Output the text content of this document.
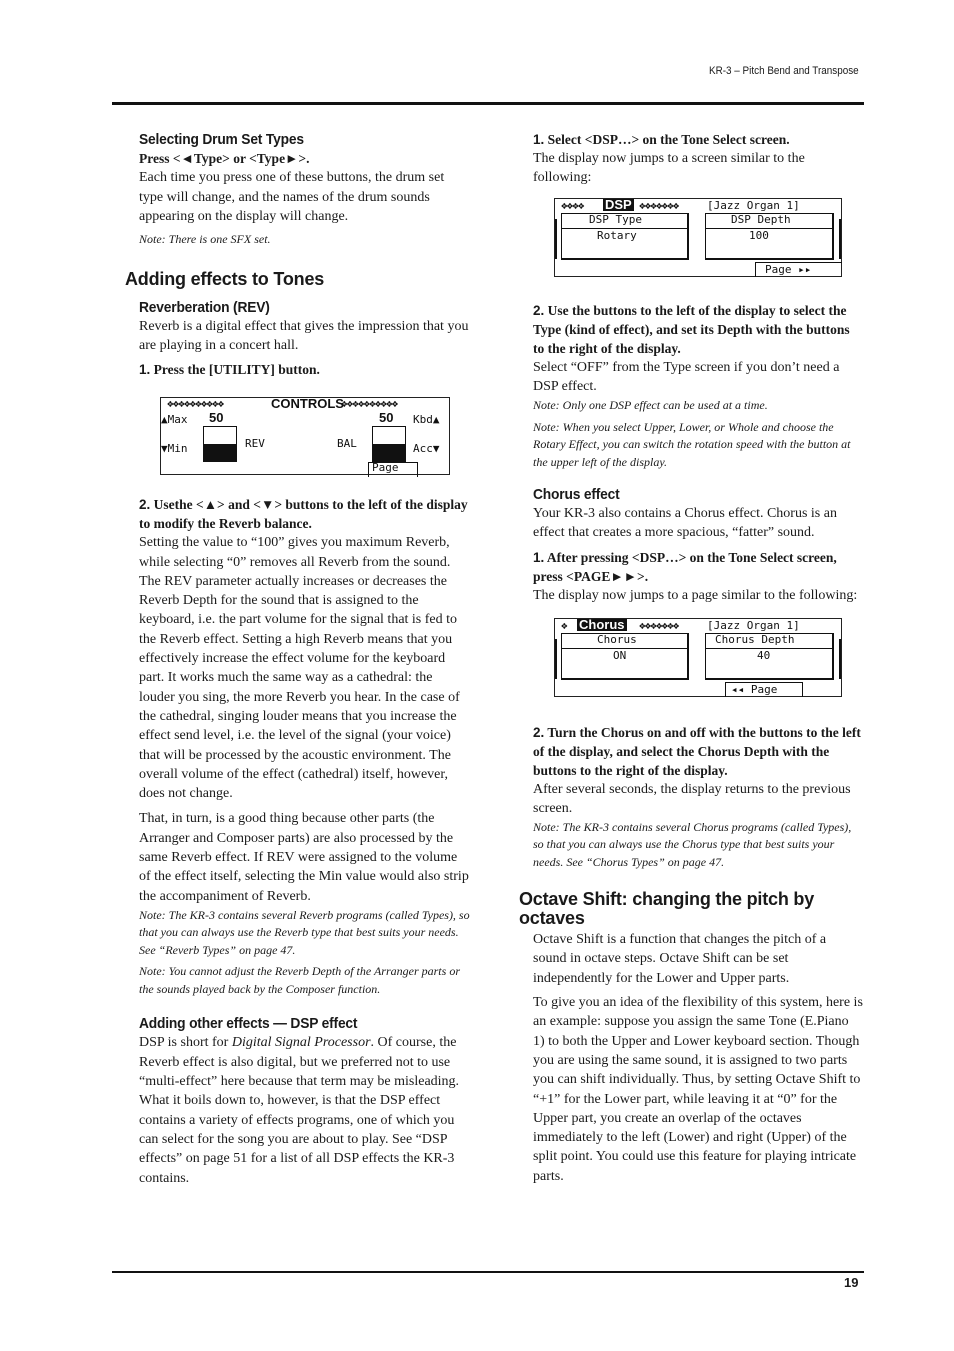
KR-3 – Pitch Bend and Transpose
Selecting Drum Set Types
Press <◄Type> or <Type►>.
Each time you press one of these buttons, the drum set type will change, and the names of the drum sounds appearing on the display will change.
Note: There is one SFX set.
Adding effects to Tones
Reverberation (REV)
Reverb is a digital effect that gives the impression that you are playing in a concert hall.
1. Press the [UTILITY] button.
❖❖❖❖❖❖❖❖❖❖	CONTROLS
❖❖❖❖❖❖❖❖❖❖
▲Max
▼Min
50	50
REV	BAL
Kbd▲
Acc▼
Page
2. Usethe <▲> and <▼> buttons to the left of the display to modify the Reverb balance.
Setting the value to “100” gives you maximum Reverb, while selecting “0” removes all Reverb from the sound. The REV parameter actually increases or decreases the Reverb Depth for the sound that is assigned to the keyboard, i.e. the part volume for the signal that is fed to the Reverb effect. Setting a high Reverb means that you effectively increase the effect volume for the keyboard part. It works much the same way as a cathedral: the louder you sing, the more Reverb you hear. In the case of the cathedral, singing louder means that you increase the effect send level, i.e. the level of the signal (your voice) that will be processed by the acoustic environment. The overall volume of the effect (cathedral) itself, however, does not change.
That, in turn, is a good thing because other parts (the Arranger and Composer parts) are also processed by the same Reverb effect. If REV were assigned to the volume of the effect itself, selecting the Min value would also strip the accompaniment of Reverb.
Note: The KR-3 contains several Reverb programs (called Types), so that you can always use the Reverb type that best suits your needs. See “Reverb Types” on page 47.
Note: You cannot adjust the Reverb Depth of the Arranger parts or the sounds played back by the Composer function.
Adding other effects — DSP effect
DSP is short for Digital Signal Processor. Of course, the Reverb effect is also digital, but we preferred not to use “multi-effect” here because that term may be misleading. What it boils down to, however, is that the DSP effect contains a variety of effects programs, one of which you can select for the song you are about to play. See “DSP effects” on page 51 for a list of all DSP effects the KR-3 contains.
1. Select <DSP…> on the Tone Select screen.
The display now jumps to a screen similar to the following:
❖❖❖❖ DSP ❖❖❖❖❖❖❖	[Jazz Organ 1]
DSP Type
Rotary
DSP Depth
100
Page ▸▸
2. Use the buttons to the left of the display to select the Type (kind of effect), and set its Depth with the buttons to the right of the display.
Select “OFF” from the Type screen if you don’t need a DSP effect.
Note: Only one DSP effect can be used at a time.
Note: When you select Upper, Lower, or Whole and choose the Rotary Effect, you can switch the rotation speed with the button at the upper left of the display.
Chorus effect
Your KR-3 also contains a Chorus effect. Chorus is an effect that creates a more spacious, “fatter” sound.
1. After pressing <DSP…> on the Tone Select screen, press <PAGE►►>.
The display now jumps to a page similar to the following:
❖ Chorus ❖❖❖❖❖❖❖	[Jazz Organ 1]
Chorus
ON
Chorus Depth
40
◂◂ Page
2. Turn the Chorus on and off with the buttons to the left of the display, and select the Chorus Depth with the buttons to the right of the display.
After several seconds, the display returns to the previous screen.
Note: The KR-3 contains several Chorus programs (called Types), so that you can always use the Chorus type that best suits your needs. See “Chorus Types” on page 47.
Octave Shift: changing the pitch by octaves
Octave Shift is a function that changes the pitch of a sound in octave steps. Octave Shift can be set independently for the Lower and Upper parts.
To give you an idea of the flexibility of this system, here is an example: suppose you assign the same Tone (E.Piano 1) to both the Upper and Lower keyboard section. Though you are using the same sound, it is assigned to two parts you can shift individually. Thus, by setting Octave Shift to “+1” for the Lower part, while leaving it at “0” for the Upper part, you create an overlap of the octaves immediately to the left (Lower) and right (Upper) of the split point. You could use this feature for playing intricate parts.
19
